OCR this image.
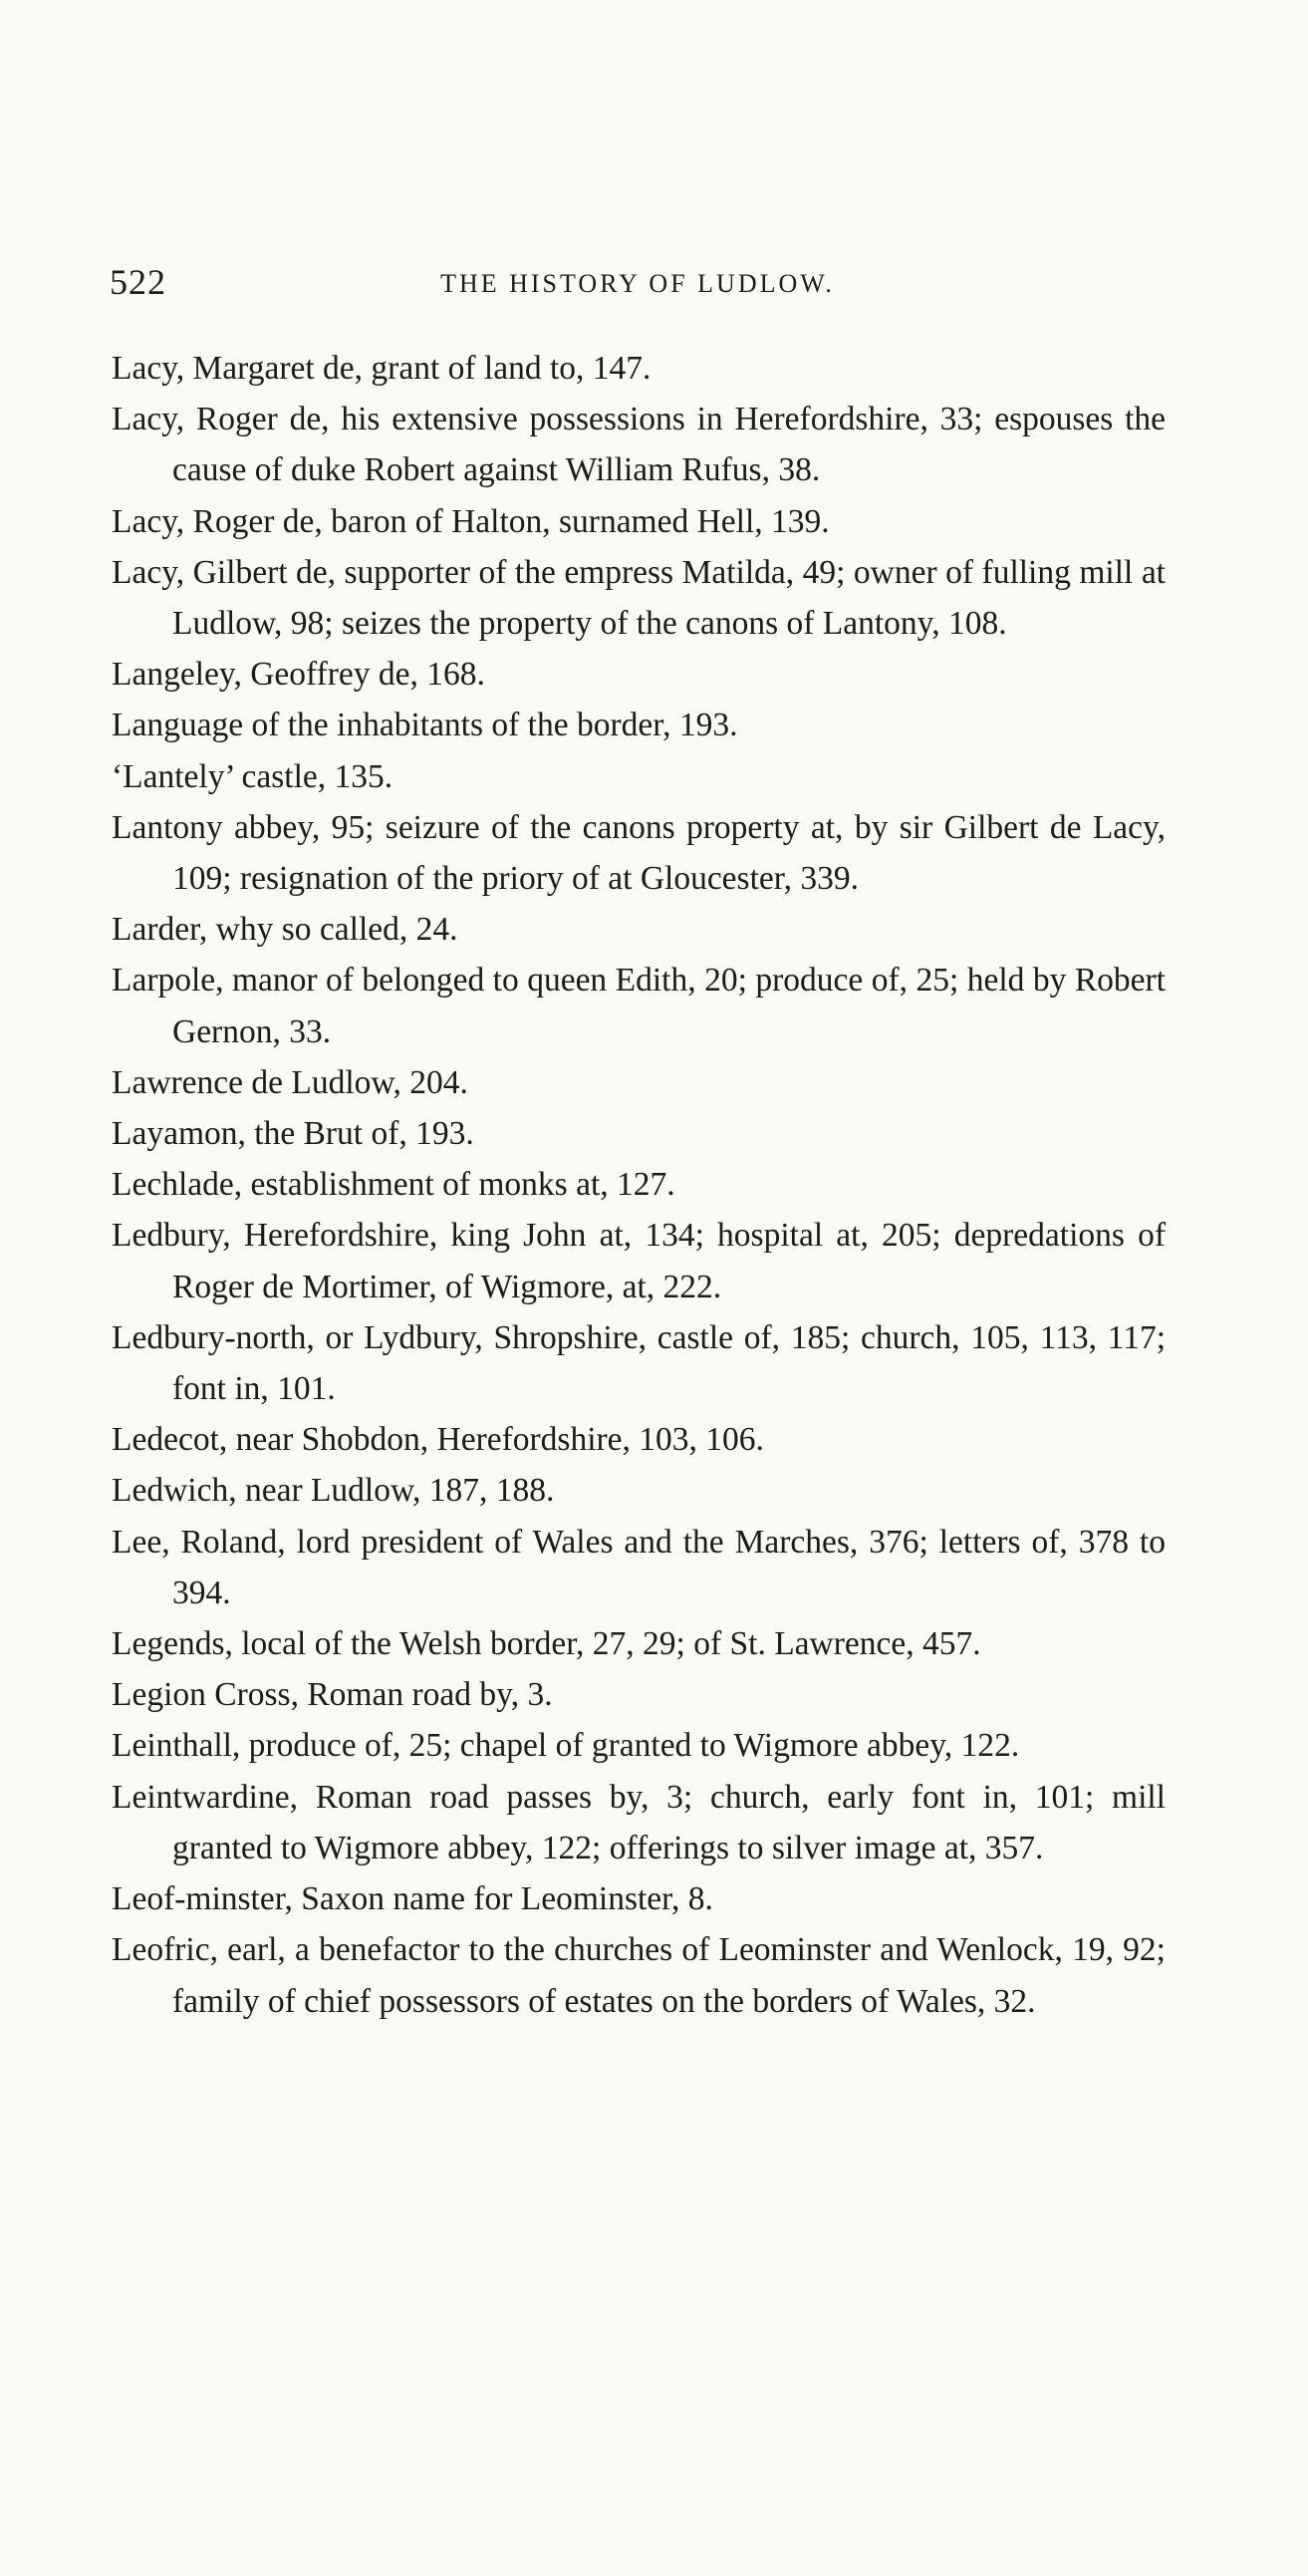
522	THE HISTORY OF LUDLOW.

Lacy, Margaret de, grant of land to, 147.

Lacy, Roger de, his extensive possessions in Herefordshire, 33; espouses the cause of duke Robert against William Rufus, 38.

Lacy, Roger de, baron of Halton, surnamed Hell, 139.

Lacy, Gilbert de, supporter of the empress Matilda, 49; owner of fulling mill at Ludlow, 98; seizes the property of the canons of Lantony, 108.

Langeley, Geoffrey de, 168.

Language of the inhabitants of the border, 193.

‘Lantely’ castle, 135.

Lantony abbey, 95; seizure of the canons property at, by sir Gilbert de Lacy, 109; resignation of the priory of at Gloucester, 339.

Larder, why so called, 24.

Larpole, manor of belonged to queen Edith, 20; produce of, 25; held by Robert Gernon, 33.

Lawrence de Ludlow, 204.

Layamon, the Brut of, 193.

Lechlade, establishment of monks at, 127.

Ledbury, Herefordshire, king John at, 134; hospital at, 205; depredations of Roger de Mortimer, of Wigmore, at, 222.

Ledbury-north, or Lydbury, Shropshire, castle of, 185; church, 105, 113, 117; font in, 101.

Ledecot, near Shobdon, Herefordshire, 103, 106.

Ledwich, near Ludlow, 187, 188.

Lee, Roland, lord president of Wales and the Marches, 376; letters of, 378 to 394.

Legends, local of the Welsh border, 27, 29; of St. Lawrence, 457.

Legion Cross, Roman road by, 3.

Leinthall, produce of, 25; chapel of granted to Wigmore abbey, 122.

Leintwardine, Roman road passes by, 3; church, early font in, 101; mill granted to Wigmore abbey, 122; offerings to silver image at, 357.

Leof-minster, Saxon name for Leominster, 8.

Leofric, earl, a benefactor to the churches of Leominster and Wenlock, 19, 92; family of chief possessors of estates on the borders of Wales, 32.
